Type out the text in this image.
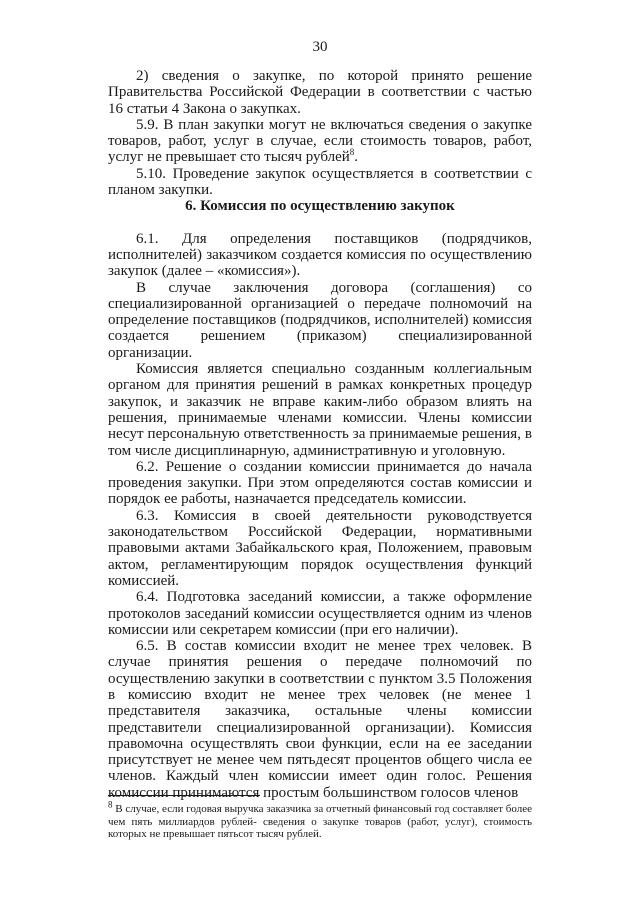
30

2) сведения о закупке, по которой принято решение Правительства Российской Федерации в соответствии с частью 16 статьи 4 Закона о закупках.

5.9. В план закупки могут не включаться сведения о закупке товаров, работ, услуг в случае, если стоимость товаров, работ, услуг не превышает сто тысяч рублей$^8$.

5.10. Проведение закупок осуществляется в соответствии с планом закупки.

6. Комиссия по осуществлению закупок

6.1. Для определения поставщиков (подрядчиков, исполнителей) заказчиком создается комиссия по осуществлению закупок (далее – «комиссия»).

В случае заключения договора (соглашения) со специализированной организацией о передаче полномочий на определение поставщиков (подрядчиков, исполнителей) комиссия создается решением (приказом) специализированной организации.

Комиссия является специально созданным коллегиальным органом для принятия решений в рамках конкретных процедур закупок, и заказчик не вправе каким-либо образом влиять на решения, принимаемые членами комиссии. Члены комиссии несут персональную ответственность за принимаемые решения, в том числе дисциплинарную, административную и уголовную.

6.2. Решение о создании комиссии принимается до начала проведения закупки. При этом определяются состав комиссии и порядок ее работы, назначается председатель комиссии.

6.3. Комиссия в своей деятельности руководствуется законодательством Российской Федерации, нормативными правовыми актами Забайкальского края, Положением, правовым актом, регламентирующим порядок осуществления функций комиссией.

6.4. Подготовка заседаний комиссии, а также оформление протоколов заседаний комиссии осуществляется одним из членов комиссии или секретарем комиссии (при его наличии).

6.5. В состав комиссии входит не менее трех человек. В случае принятия решения о передаче полномочий по осуществлению закупки в соответствии с пунктом 3.5 Положения в комиссию входит не менее трех человек (не менее 1 представителя заказчика, остальные члены комиссии представители специализированной организации). Комиссия правомочна осуществлять свои функции, если на ее заседании присутствует не менее чем пятьдесят процентов общего числа ее членов. Каждый член комиссии имеет один голос. Решения комиссии принимаются простым большинством голосов членов

$^8$ В случае, если годовая выручка заказчика за отчетный финансовый год составляет более чем пять миллиардов рублей- сведения о закупке товаров (работ, услуг), стоимость которых не превышает пятьсот тысяч рублей.
